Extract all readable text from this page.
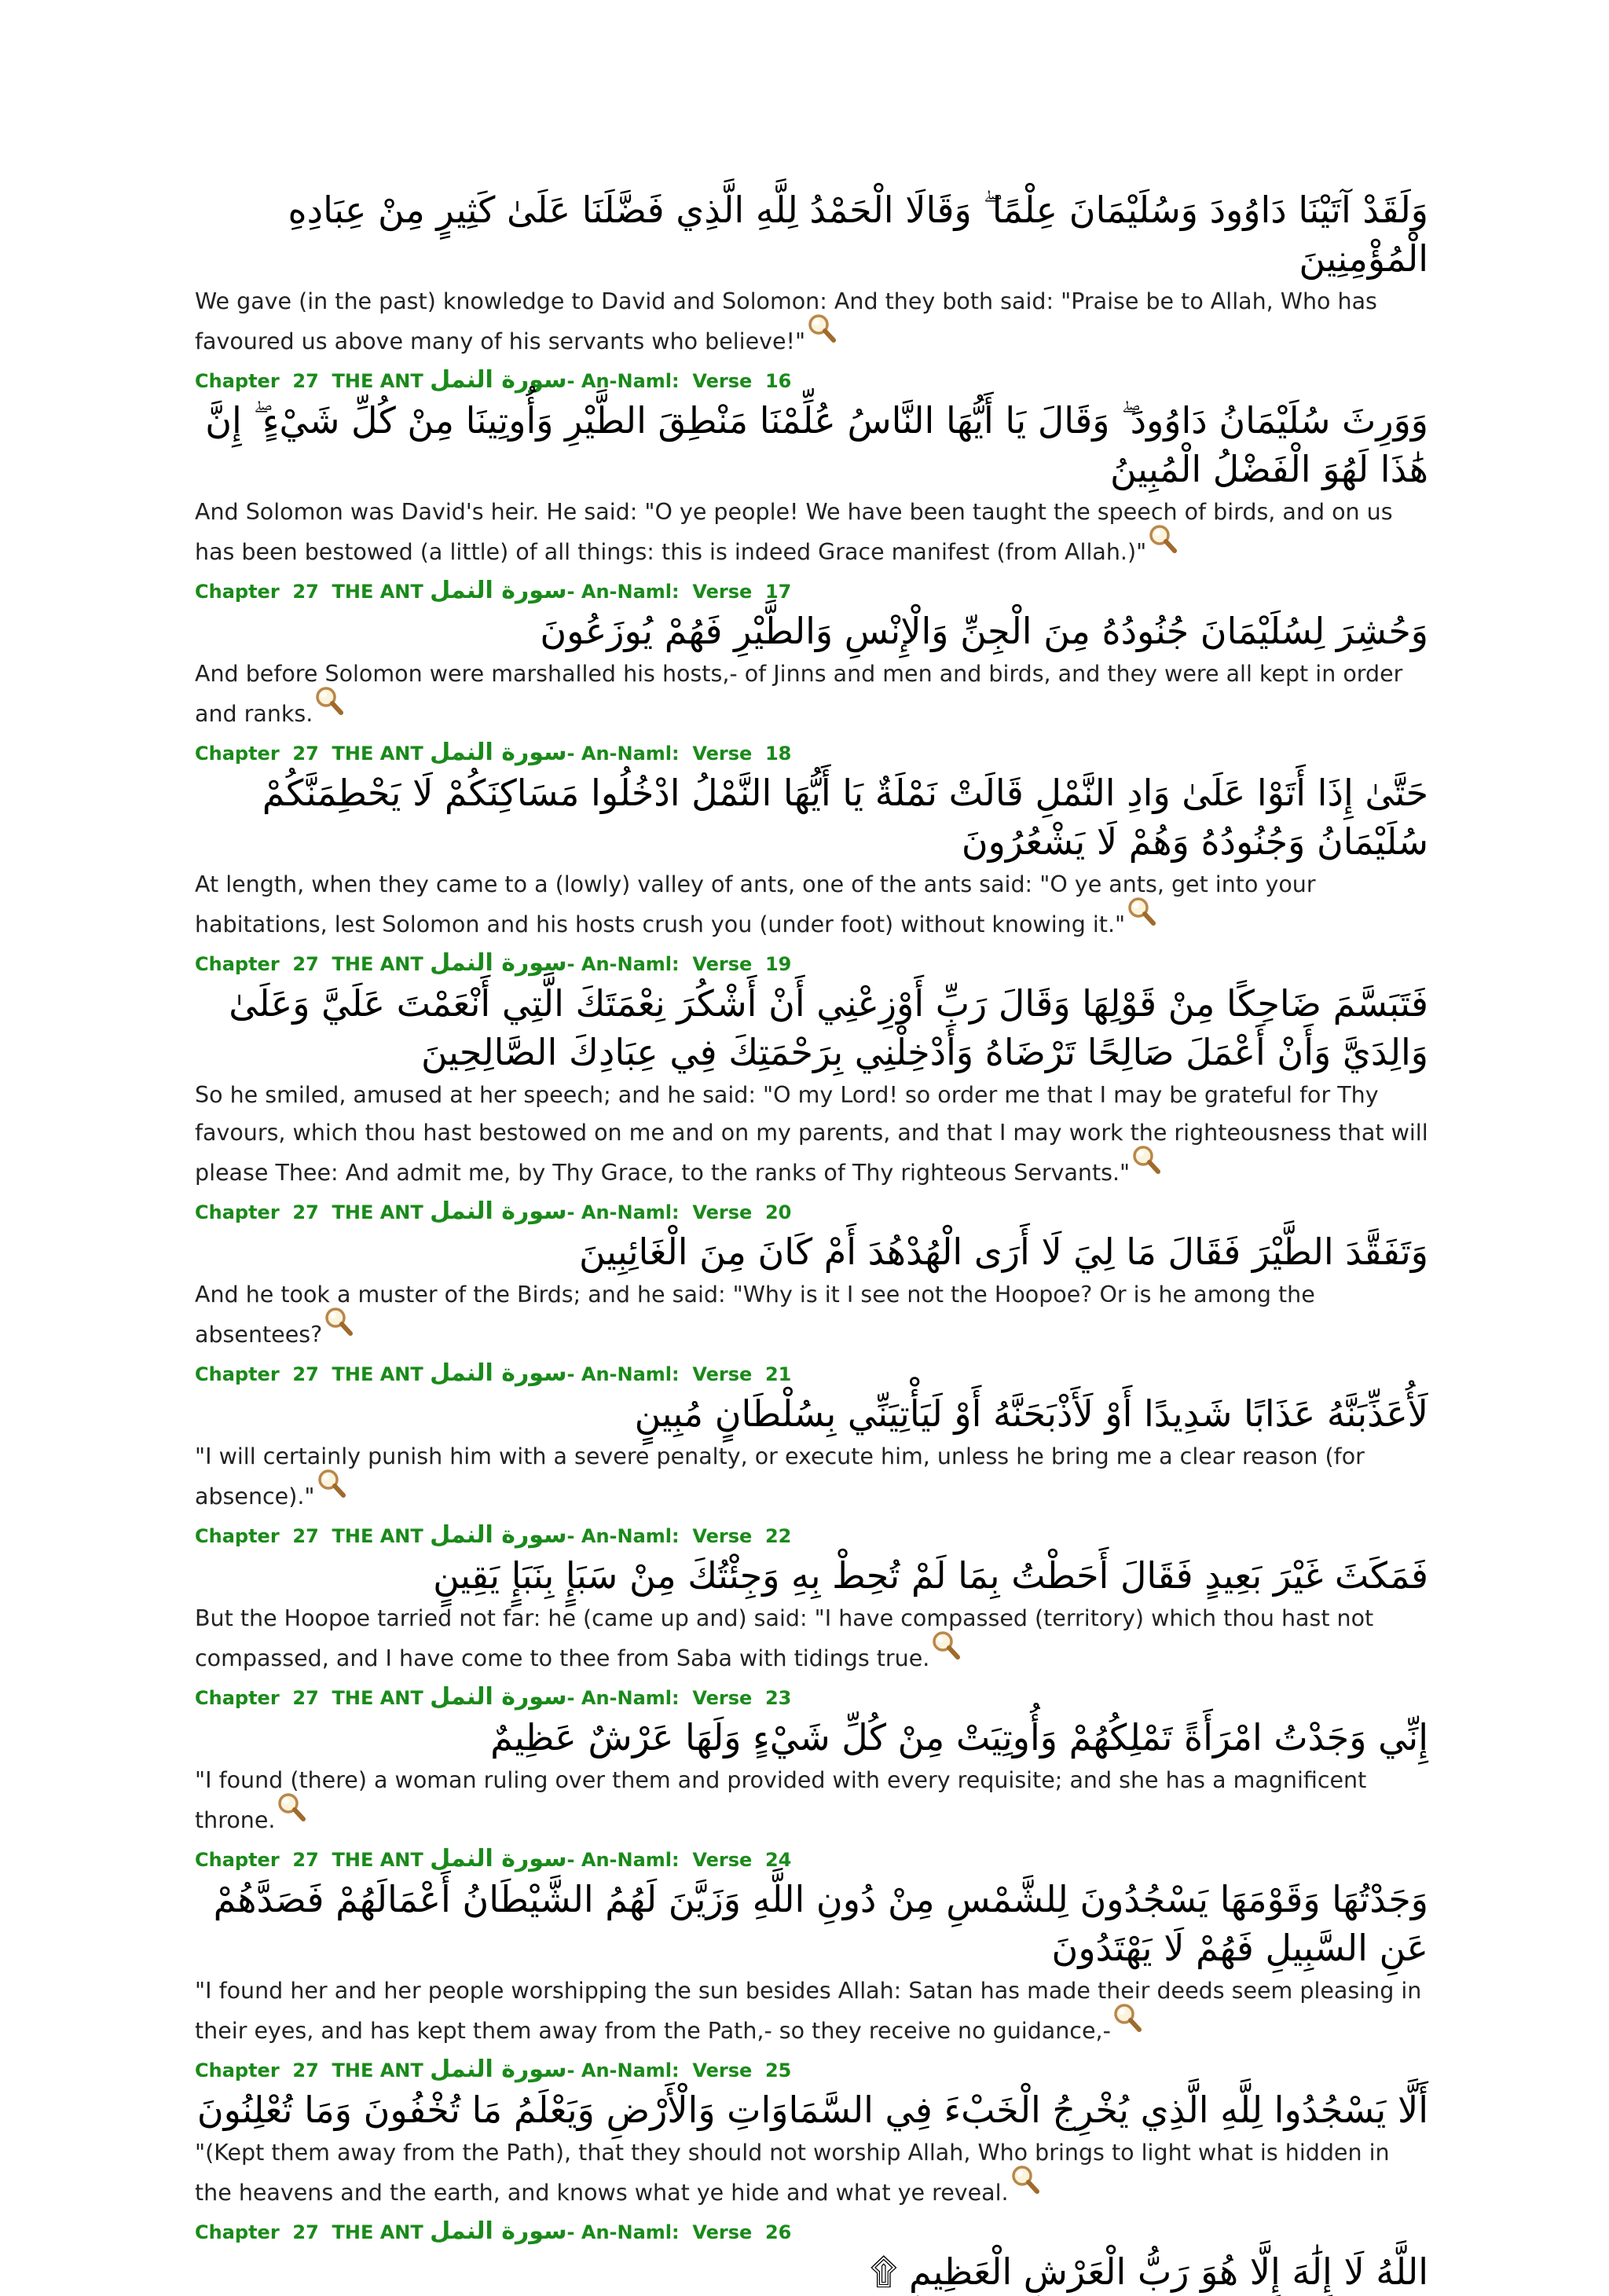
وَلَقَدْ آتَيْنَا دَاوُودَ وَسُلَيْمَانَ عِلْمًا ۖ وَقَالَا الْحَمْدُ لِلَّهِ الَّذِي فَضَّلَنَا عَلَىٰ كَثِيرٍ مِنْ عِبَادِهِ الْمُؤْمِنِينَ

We gave (in the past) knowledge to David and Solomon: And they both said: "Praise be to Allah, Who has favoured us above many of his servants who believe!"

Chapter 27 THE ANT سورة النمل- An-Naml: Verse 16

وَوَرِثَ سُلَيْمَانُ دَاوُودَ ۖ وَقَالَ يَا أَيُّهَا النَّاسُ عُلِّمْنَا مَنْطِقَ الطَّيْرِ وَأُوتِينَا مِنْ كُلِّ شَيْءٍ ۖ إِنَّ هَٰذَا لَهُوَ الْفَضْلُ الْمُبِينُ

And Solomon was David's heir. He said: "O ye people! We have been taught the speech of birds, and on us has been bestowed (a little) of all things: this is indeed Grace manifest (from Allah.)"

Chapter 27 THE ANT سورة النمل- An-Naml: Verse 17

وَحُشِرَ لِسُلَيْمَانَ جُنُودُهُ مِنَ الْجِنِّ وَالْإِنْسِ وَالطَّيْرِ فَهُمْ يُوزَعُونَ

And before Solomon were marshalled his hosts,- of Jinns and men and birds, and they were all kept in order and ranks.

Chapter 27 THE ANT سورة النمل- An-Naml: Verse 18

حَتَّىٰ إِذَا أَتَوْا عَلَىٰ وَادِ النَّمْلِ قَالَتْ نَمْلَةٌ يَا أَيُّهَا النَّمْلُ ادْخُلُوا مَسَاكِنَكُمْ لَا يَحْطِمَنَّكُمْ سُلَيْمَانُ وَجُنُودُهُ وَهُمْ لَا يَشْعُرُونَ

At length, when they came to a (lowly) valley of ants, one of the ants said: "O ye ants, get into your habitations, lest Solomon and his hosts crush you (under foot) without knowing it."

Chapter 27 THE ANT سورة النمل- An-Naml: Verse 19

فَتَبَسَّمَ ضَاحِكًا مِنْ قَوْلِهَا وَقَالَ رَبِّ أَوْزِعْنِي أَنْ أَشْكُرَ نِعْمَتَكَ الَّتِي أَنْعَمْتَ عَلَيَّ وَعَلَىٰ وَالِدَيَّ وَأَنْ أَعْمَلَ صَالِحًا تَرْضَاهُ وَأَدْخِلْنِي بِرَحْمَتِكَ فِي عِبَادِكَ الصَّالِحِينَ

So he smiled, amused at her speech; and he said: "O my Lord! so order me that I may be grateful for Thy favours, which thou hast bestowed on me and on my parents, and that I may work the righteousness that will please Thee: And admit me, by Thy Grace, to the ranks of Thy righteous Servants."

Chapter 27 THE ANT سورة النمل- An-Naml: Verse 20

وَتَفَقَّدَ الطَّيْرَ فَقَالَ مَا لِيَ لَا أَرَى الْهُدْهُدَ أَمْ كَانَ مِنَ الْغَائِبِينَ

And he took a muster of the Birds; and he said: "Why is it I see not the Hoopoe? Or is he among the absentees?

Chapter 27 THE ANT سورة النمل- An-Naml: Verse 21

لَأُعَذِّبَنَّهُ عَذَابًا شَدِيدًا أَوْ لَأَذْبَحَنَّهُ أَوْ لَيَأْتِيَنِّي بِسُلْطَانٍ مُبِينٍ

"I will certainly punish him with a severe penalty, or execute him, unless he bring me a clear reason (for absence)."

Chapter 27 THE ANT سورة النمل- An-Naml: Verse 22

فَمَكَثَ غَيْرَ بَعِيدٍ فَقَالَ أَحَطْتُ بِمَا لَمْ تُحِطْ بِهِ وَجِئْتُكَ مِنْ سَبَإٍ بِنَبَإٍ يَقِينٍ

But the Hoopoe tarried not far: he (came up and) said: "I have compassed (territory) which thou hast not compassed, and I have come to thee from Saba with tidings true.

Chapter 27 THE ANT سورة النمل- An-Naml: Verse 23

إِنِّي وَجَدْتُ امْرَأَةً تَمْلِكُهُمْ وَأُوتِيَتْ مِنْ كُلِّ شَيْءٍ وَلَهَا عَرْشٌ عَظِيمٌ

"I found (there) a woman ruling over them and provided with every requisite; and she has a magnificent throne.

Chapter 27 THE ANT سورة النمل- An-Naml: Verse 24

وَجَدْتُهَا وَقَوْمَهَا يَسْجُدُونَ لِلشَّمْسِ مِنْ دُونِ اللَّهِ وَزَيَّنَ لَهُمُ الشَّيْطَانُ أَعْمَالَهُمْ فَصَدَّهُمْ عَنِ السَّبِيلِ فَهُمْ لَا يَهْتَدُونَ

"I found her and her people worshipping the sun besides Allah: Satan has made their deeds seem pleasing in their eyes, and has kept them away from the Path,- so they receive no guidance,-

Chapter 27 THE ANT سورة النمل- An-Naml: Verse 25

أَلَّا يَسْجُدُوا لِلَّهِ الَّذِي يُخْرِجُ الْخَبْءَ فِي السَّمَاوَاتِ وَالْأَرْضِ وَيَعْلَمُ مَا تُخْفُونَ وَمَا تُعْلِنُونَ

"(Kept them away from the Path), that they should not worship Allah, Who brings to light what is hidden in the heavens and the earth, and knows what ye hide and what ye reveal.

Chapter 27 THE ANT سورة النمل- An-Naml: Verse 26

اللَّهُ لَا إِلَٰهَ إِلَّا هُوَ رَبُّ الْعَرْشِ الْعَظِيمِ ۩
